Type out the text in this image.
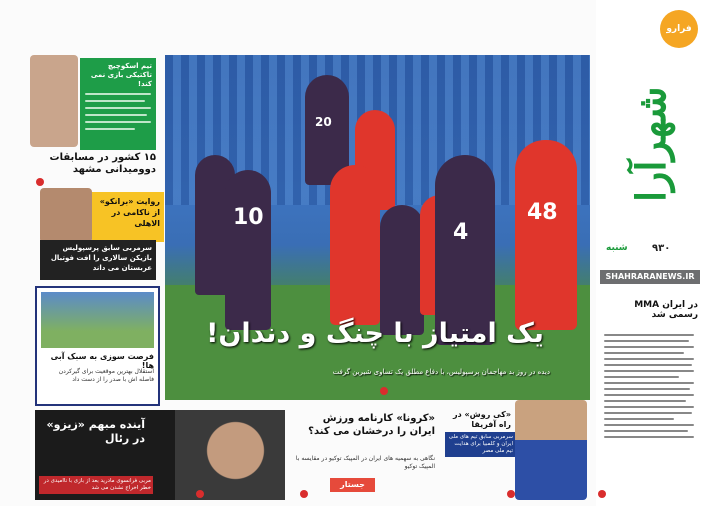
فرارو
شهرآرا
۹۳۰
شنبه
SHAHRARANEWS.IR
MMA در ایران رسمی شد
10
4
48
20
یک امتیاز با چنگ و دندان!
دیده در روز بد مهاجمان پرسپولیس، با دفاع مطلق یک تساوی شیرین گرفت
تیم اسکوچیچ تاکتیکی بازی نمی کند!
۱۵ کشور در مسابقات دوومیدانی مشهد
روایت «برانکو» از ناکامی در الاهلی
سرمربی سابق پرسپولیس بازیکن سالاری را افت فوتبال عربستان می داند
فرصت سوزی به سبک آبی ها!
استقلال بهترین موقعیت برای گیرکردن فاصله اش با صدر را از دست داد
آینده مبهم «زیزو» در رئال
مربی فرانسوی مادرید بعد از بازی با ناامیدی در خطر اخراج نشدن می شد
«کرونا» کارنامه ورزش ایران را درخشان می کند؟
نگاهی به سهمیه های ایران در المپیک توکیو در مقایسه با المپیک توکیو
جستار
«کی روش» در راه آفریقا
سرمربی سابق تیم های ملی ایران و کلمبیا برای هدایت تیم ملی مصر
